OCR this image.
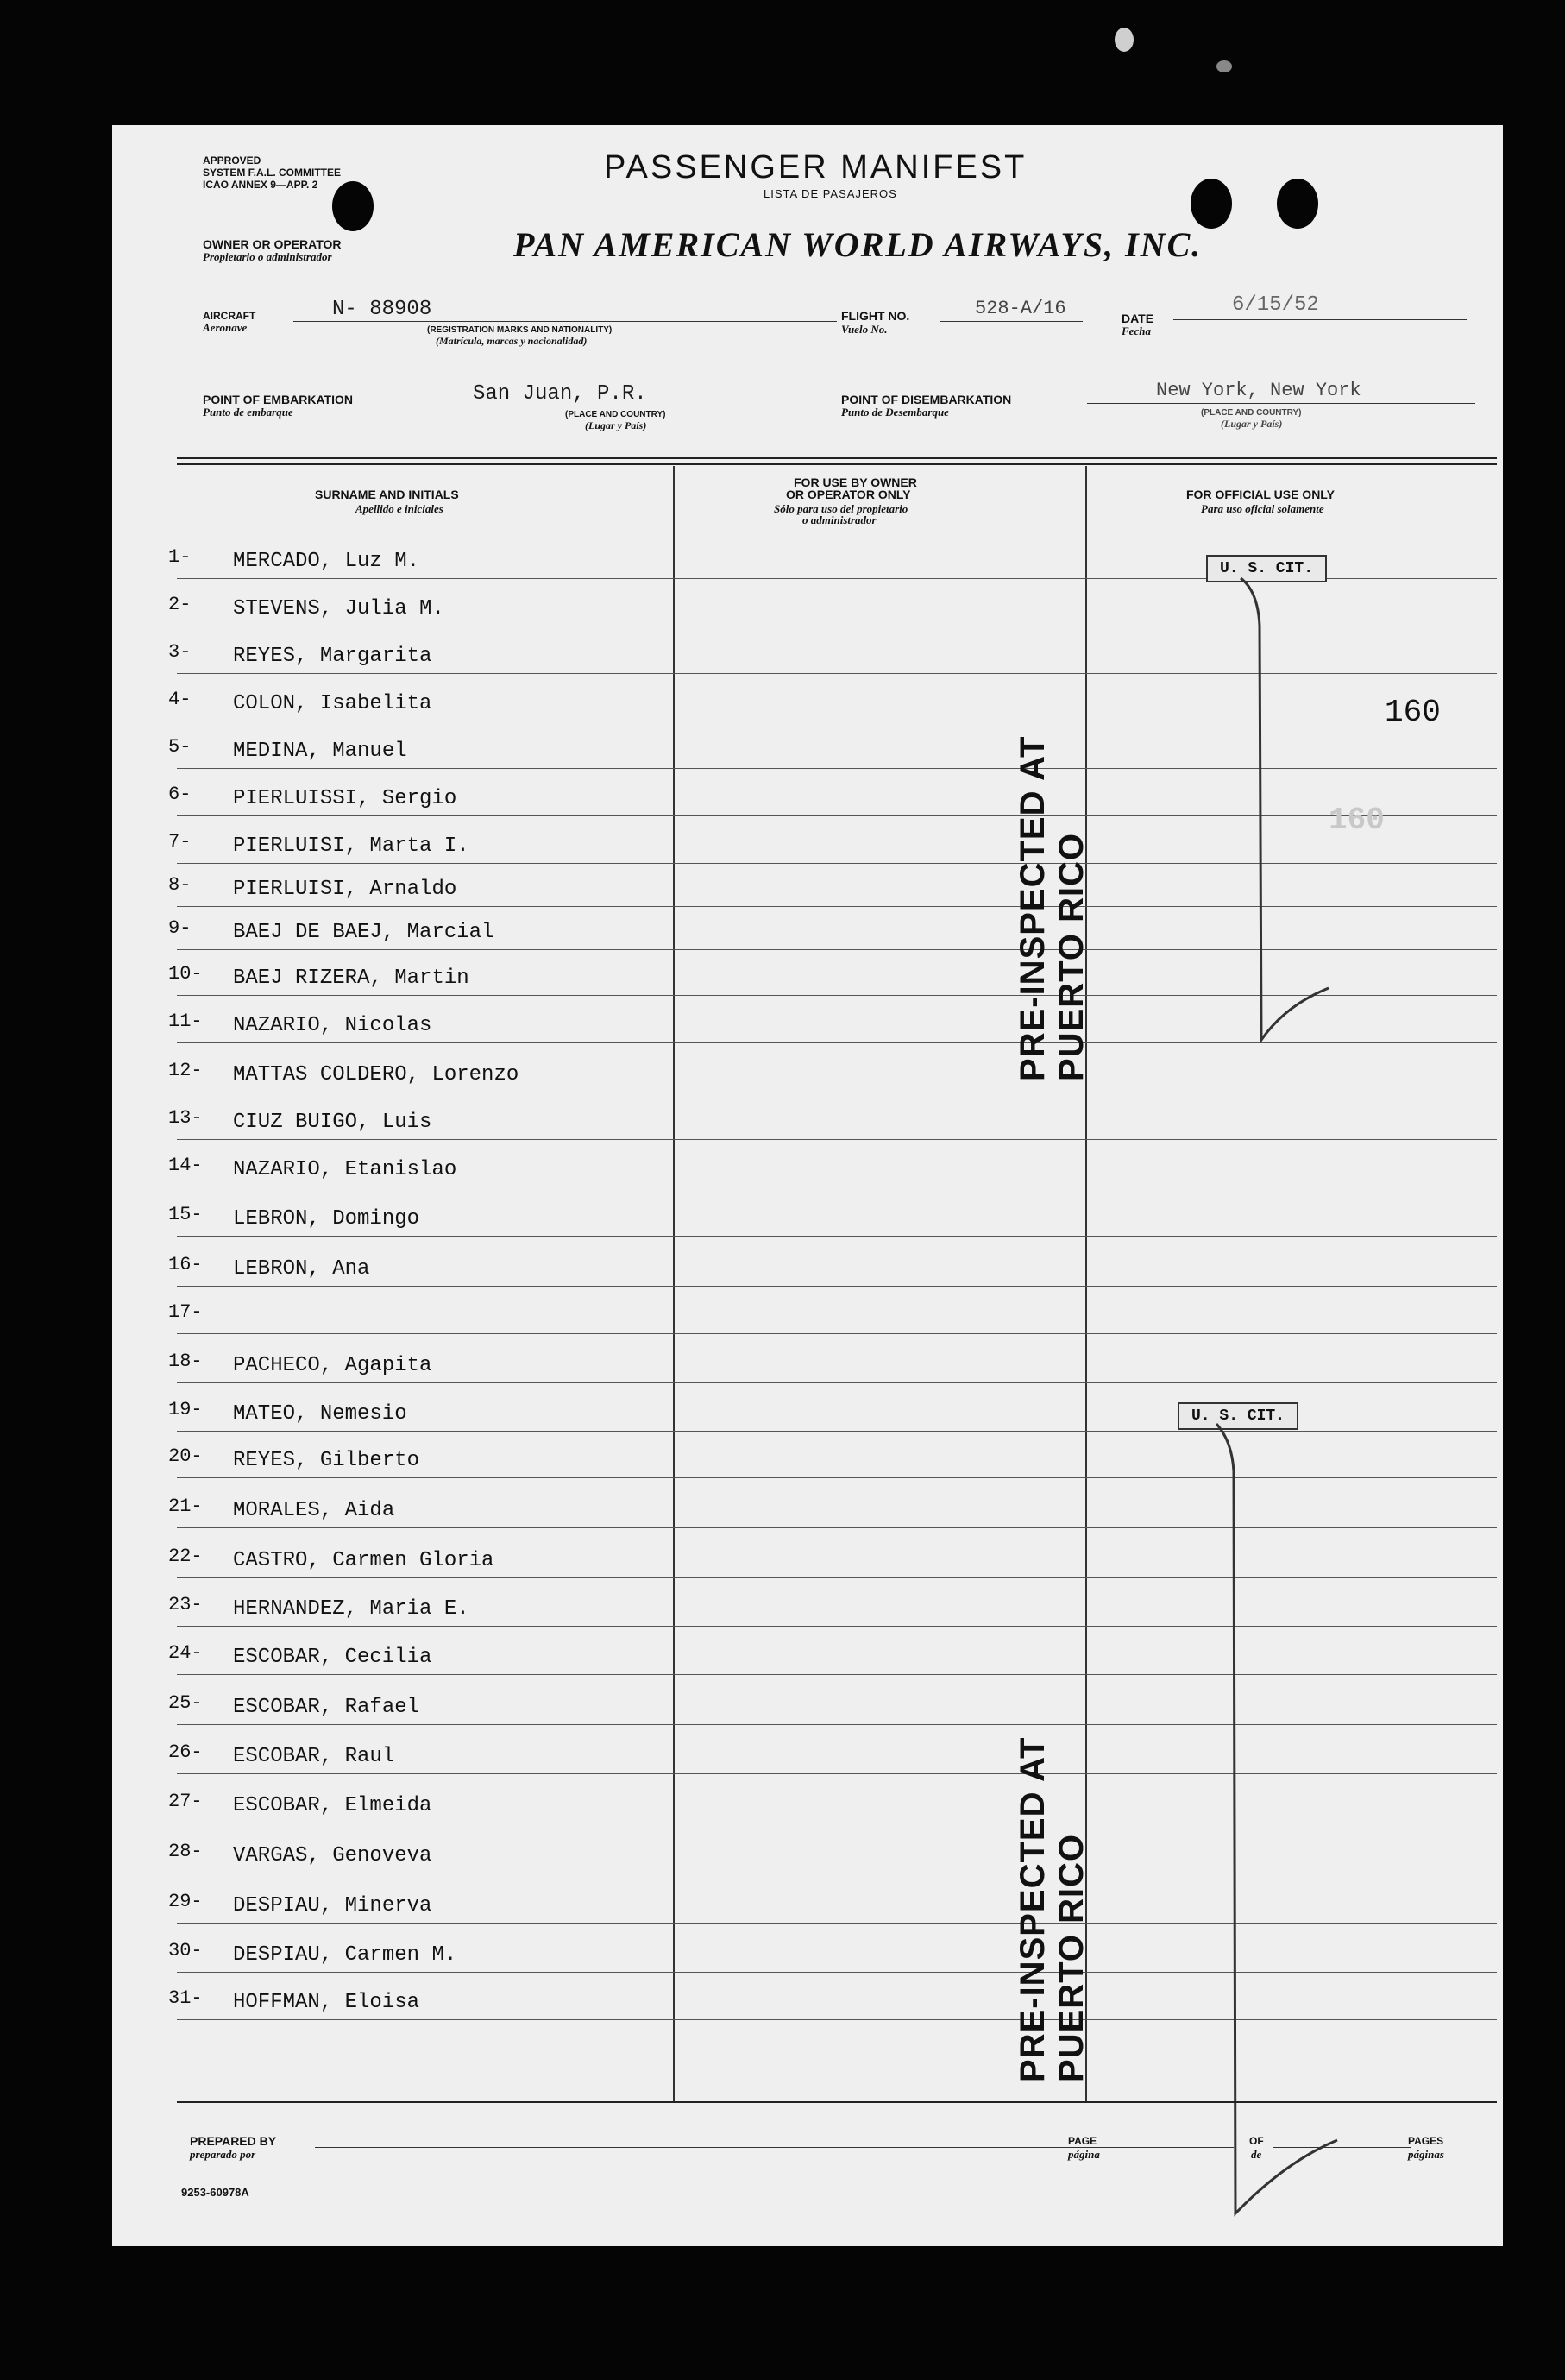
APPROVED
SYSTEM F.A.L. COMMITTEE
ICAO ANNEX 9—APP. 2	PASSENGER MANIFEST
LISTA DE PASAJEROS
OWNER OR OPERATOR
Propietario o administrador	PAN AMERICAN WORLD AIRWAYS, INC.
AIRCRAFT
Aeronave
N- 88908
(REGISTRATION MARKS AND NATIONALITY)
(Matrícula, marcas y nacionalidad)
FLIGHT NO.
Vuelo No.
528-A/16	DATE
Fecha
6/15/52
POINT OF EMBARKATION
Punto de embarque
San Juan, P.R.
(PLACE AND COUNTRY)
(Lugar y País)
POINT OF DISEMBARKATION
Punto de Desembarque
New York, New York
(PLACE AND COUNTRY)
(Lugar y País)
SURNAME AND INITIALS
Apellido e iniciales
FOR USE BY OWNER
OR OPERATOR ONLY
Sólo para uso del propietario
o administrador
FOR OFFICIAL USE ONLY
Para uso oficial solamente
1-	MERCADO, Luz M.
2-	STEVENS, Julia M.
3-	REYES, Margarita
4-	COLON, Isabelita
5-	MEDINA, Manuel
6-	PIERLUISSI, Sergio
7-	PIERLUISI, Marta I.
8-	PIERLUISI, Arnaldo
9-	BAEJ DE BAEJ, Marcial
10-	BAEJ RIZERA, Martin
11-	NAZARIO, Nicolas
12-	MATTAS COLDERO, Lorenzo
13-	CIUZ BUIGO, Luis
14-	NAZARIO, Etanislao
15-	LEBRON, Domingo
16-	LEBRON, Ana
17-
18-	PACHECO, Agapita
19-	MATEO, Nemesio
20-	REYES, Gilberto
21-	MORALES, Aida
22-	CASTRO, Carmen Gloria
23-	HERNANDEZ, Maria E.
24-	ESCOBAR, Cecilia
25-	ESCOBAR, Rafael
26-	ESCOBAR, Raul
27-	ESCOBAR, Elmeida
28-	VARGAS, Genoveva
29-	DESPIAU, Minerva
30-	DESPIAU, Carmen M.
31-	HOFFMAN, Eloisa
PRE-INSPECTED AT PUERTO RICO
PRE-INSPECTED AT PUERTO RICO
U. S. CIT.
U. S. CIT.
160
160
PREPARED BY
preparado por
PAGE
página
OF
de
PAGES
páginas
9253-60978A
